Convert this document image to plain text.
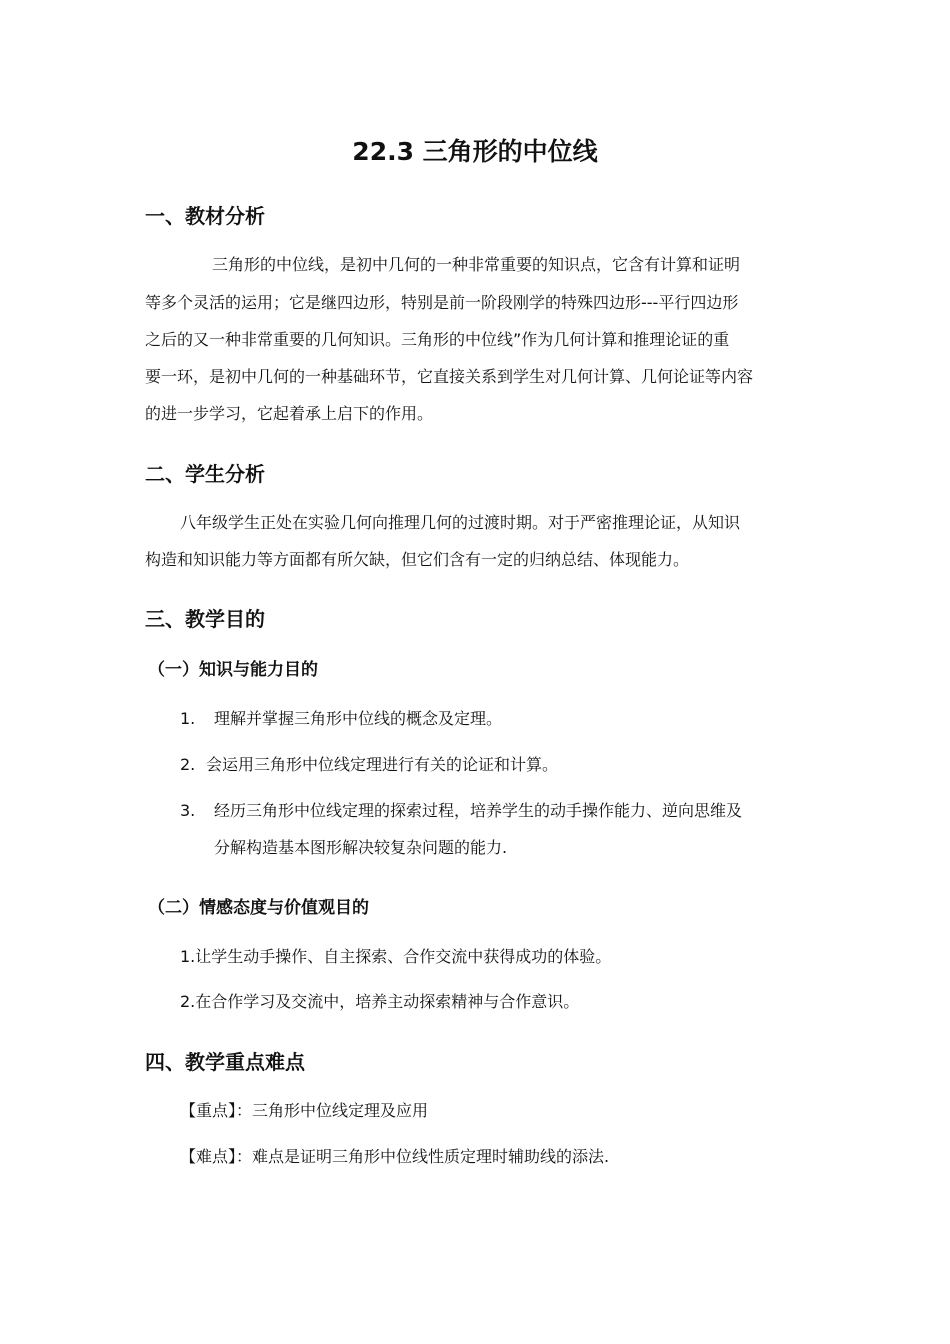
22.3 三角形的中位线
一、教材分析
三角形的中位线，是初中几何的一种非常重要的知识点，它含有计算和证明
等多个灵活的运用；它是继四边形，特别是前一阶段刚学的特殊四边形---平行四边形
之后的又一种非常重要的几何知识。三角形的中位线”作为几何计算和推理论证的重
要一环，是初中几何的一种基础环节，它直接关系到学生对几何计算、几何论证等内容
的进一步学习，它起着承上启下的作用。
二、学生分析
八年级学生正处在实验几何向推理几何的过渡时期。对于严密推理论证，从知识
构造和知识能力等方面都有所欠缺，但它们含有一定的归纳总结、体现能力。
三、教学目的
（一）知识与能力目的
1. 理解并掌握三角形中位线的概念及定理。
2. 会运用三角形中位线定理进行有关的论证和计算。
3. 经历三角形中位线定理的探索过程，培养学生的动手操作能力、逆向思维及
分解构造基本图形解决较复杂问题的能力.
（二）情感态度与价值观目的
1.让学生动手操作、自主探索、合作交流中获得成功的体验。
2.在合作学习及交流中，培养主动探索精神与合作意识。
四、教学重点难点
【重点】：三角形中位线定理及应用
【难点】：难点是证明三角形中位线性质定理时辅助线的添法.
